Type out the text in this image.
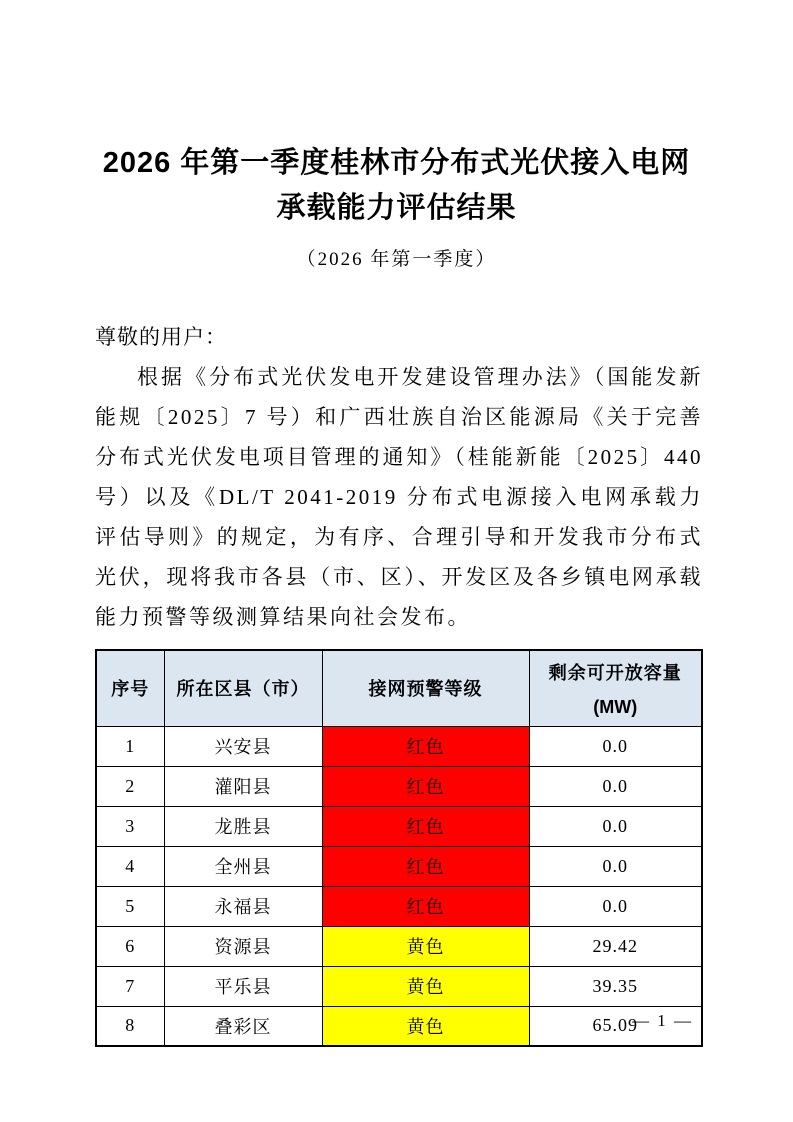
2026 年第一季度桂林市分布式光伏接入电网
承载能力评估结果
（2026 年第一季度）

尊敬的用户：

根据《分布式光伏发电开发建设管理办法》（国能发新能规〔2025〕7 号）和广西壮族自治区能源局《关于完善分布式光伏发电项目管理的通知》（桂能新能〔2025〕440 号）以及《DL/T 2041-2019 分布式电源接入电网承载力评估导则》的规定，为有序、合理引导和开发我市分布式光伏，现将我市各县（市、区）、开发区及各乡镇电网承载能力预警等级测算结果向社会发布。

序号	所在区县（市）	接网预警等级	剩余可开放容量
(MW)

1	兴安县	红色	0.0
2	灌阳县	红色	0.0
3	龙胜县	红色	0.0
4	全州县	红色	0.0
5	永福县	红色	0.0
6	资源县	黄色	29.42
7	平乐县	黄色	39.35
8	叠彩区	黄色	65.09
— 1 —
